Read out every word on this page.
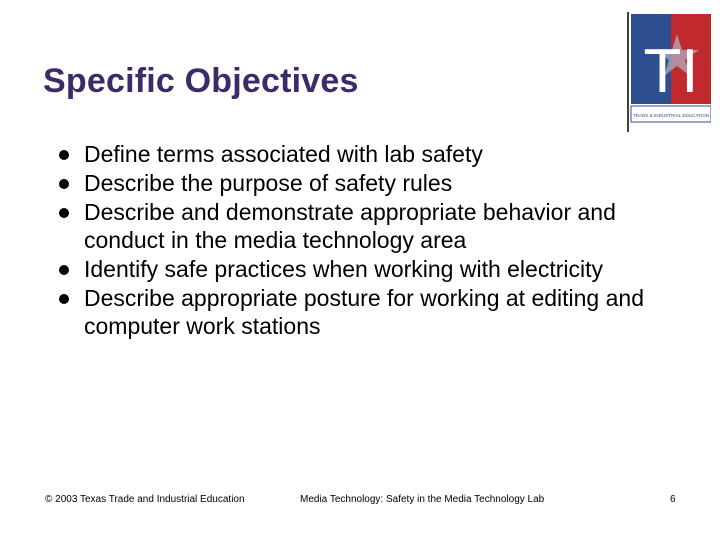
Specific Objectives	TI
TRADE & INDUSTRIAL EDUCATION
Define terms associated with lab safety
Describe the purpose of safety rules
Describe and demonstrate appropriate behavior and conduct in the media technology area
Identify safe practices when working with electricity
Describe appropriate posture for working at editing and computer work stations
© 2003 Texas Trade and Industrial Education	Media Technology: Safety in the Media Technology Lab	6
